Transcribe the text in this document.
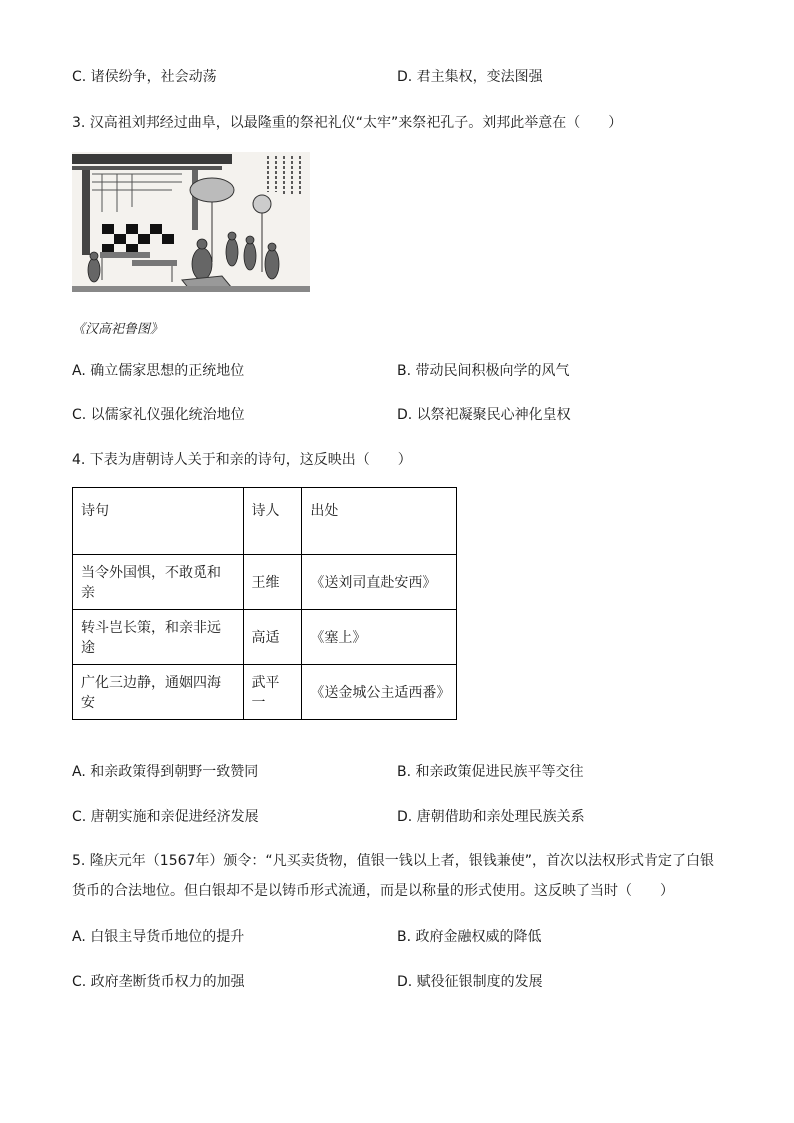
C. 诸侯纷争，社会动荡	D. 君主集权，变法图强
3. 汉高祖刘邦经过曲阜，以最隆重的祭祀礼仪“太牢”来祭祀孔子。刘邦此举意在（　　）
《汉高祀鲁图》
A. 确立儒家思想的正统地位	B. 带动民间积极向学的风气
C. 以儒家礼仪强化统治地位	D. 以祭祀凝聚民心神化皇权
4. 下表为唐朝诗人关于和亲的诗句，这反映出（　　）
诗句	诗人	出处
当令外国惧，不敢觅和亲	王维	《送刘司直赴安西》
转斗岂长策，和亲非远途	高适	《塞上》
广化三边静，通姻四海安	武平一	《送金城公主适西番》
A. 和亲政策得到朝野一致赞同	B. 和亲政策促进民族平等交往
C. 唐朝实施和亲促进经济发展	D. 唐朝借助和亲处理民族关系
5. 隆庆元年（1567年）颁令：“凡买卖货物，值银一钱以上者，银钱兼使”，首次以法权形式肯定了白银
货币的合法地位。但白银却不是以铸币形式流通，而是以称量的形式使用。这反映了当时（　　）
A. 白银主导货币地位的提升	B. 政府金融权威的降低
C. 政府垄断货币权力的加强	D. 赋役征银制度的发展
